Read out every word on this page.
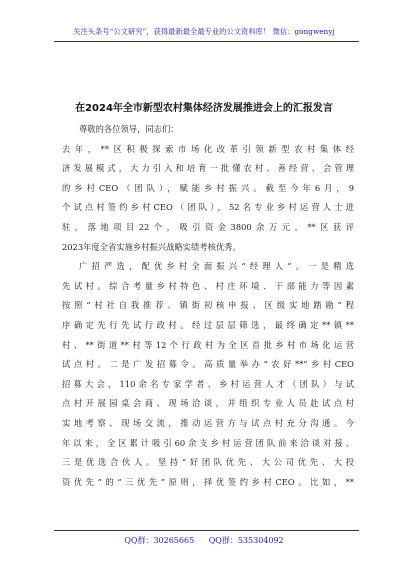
关注头条号“公文研究”，获得最新最全最专业的公文资料库！ 微信：gongwenyj
在2024年全市新型农村集体经济发展推进会上的汇报发言
尊敬的各位领导，同志们：
去年，**区积极探索市场化改革引领新型农村集体经
济发展模式，大力引入和培育一批懂农村、善经营、会管理
的乡村CEO（团队），赋能乡村振兴。截至今年6月，9
个试点村签约乡村CEO（团队），52名专业乡村运营人士进
驻，落地项目22个，吸引资金3800余万元。**区获评
2023年度全省实施乡村振兴战略实绩考核优秀。
广招严选，配优乡村全面振兴“经理人”。一是精选
先试村。综合考量乡村特色、村庄环境、干部能力等因素
按照“村社自我推荐、镇街初核申报、区级实地踏勘”程
序确定先行先试行政村。经过层层筛选，最终确定**镇**
村、**街道**村等12个行政村为全区首批乡村市场化运营
试点村。二是广发招募令。高质量举办“农好**”乡村CEO
招募大会，110余名专家学者、乡村运营人才（团队）与试
点村开展园桌会商、现场洽谈，并组织专业人员赴试点村
实地考察、现场交流，推动运营方与试点村充分沟通。今
年以来，全区累计吸引60余支乡村运营团队前来洽谈对接。
三是优选合伙人。坚持“好团队优先、大公司优先、大投
资优先”的“三优先”原则，择优签约乡村CEO。比如，**
QQ群：30265665 QQ群：535304092
